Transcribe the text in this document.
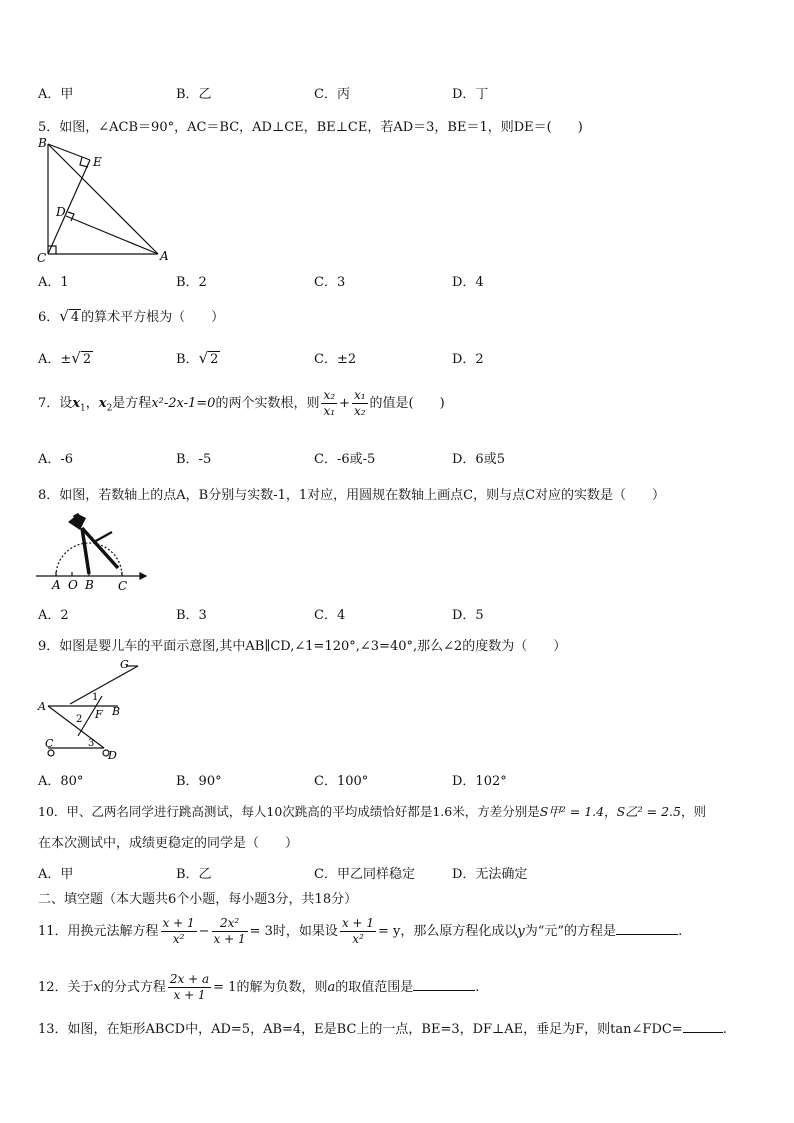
A．甲	B．乙	C．丙	D．丁
5．如图，∠ACB＝90°，AC＝BC，AD⊥CE，BE⊥CE，若AD＝3，BE＝1，则DE＝(　　)
B
E
D
C	A
A．1	B．2	C．3	D．4
6．√ 4 的算术平方根为（　　）
A．±√ 2	B．√ 2	C．±2	D．2
7．设$x_1$，$x_2$是方程x²-2x-1=0的两个实数根，则 $\frac{\text{x₂}}{\text{x₁}} + \frac{\text{x₁}}{\text{x₂}}$ 的值是(　　)
A．-6	B．-5	C．-6或-5	D．6或5
8．如图，若数轴上的点A，B分别与实数-1，1对应，用圆规在数轴上画点C，则与点C对应的实数是（　　）
A O B C
A．2	B．3	C．4	D．5
9．如图是婴儿车的平面示意图,其中AB∥CD,∠1=120°,∠3=40°,那么∠2的度数为（　　）
G
A	B
F
C
D
1
2
3
A．80°	B．90°	C．100°	D．102°
10．甲、乙两名同学进行跳高测试，每人10次跳高的平均成绩恰好都是1.6米，方差分别是S甲² = 1.4，S乙² = 2.5，则
在本次测试中，成绩更稳定的同学是（　　）
A．甲	B．乙	C．甲乙同样稳定	D．无法确定
二、填空题（本大题共6个小题，每小题3分，共18分）
11．用换元法解方程 $\frac{x + 1}{\text{x²}} - \frac{\text{2x²}}{x + 1} = 3$时，如果设 $\frac{x + 1}{\text{x²}} = y$，那么原方程化成以y为“元”的方程是	.
12．关于x的分式方程 $\frac{2x + a}{x + 1} = 1$的解为负数，则a的取值范围是	.
13．如图，在矩形ABCD中，AD=5，AB=4，E是BC上的一点，BE=3，DF⊥AE，垂足为F，则tan∠FDC=	.
